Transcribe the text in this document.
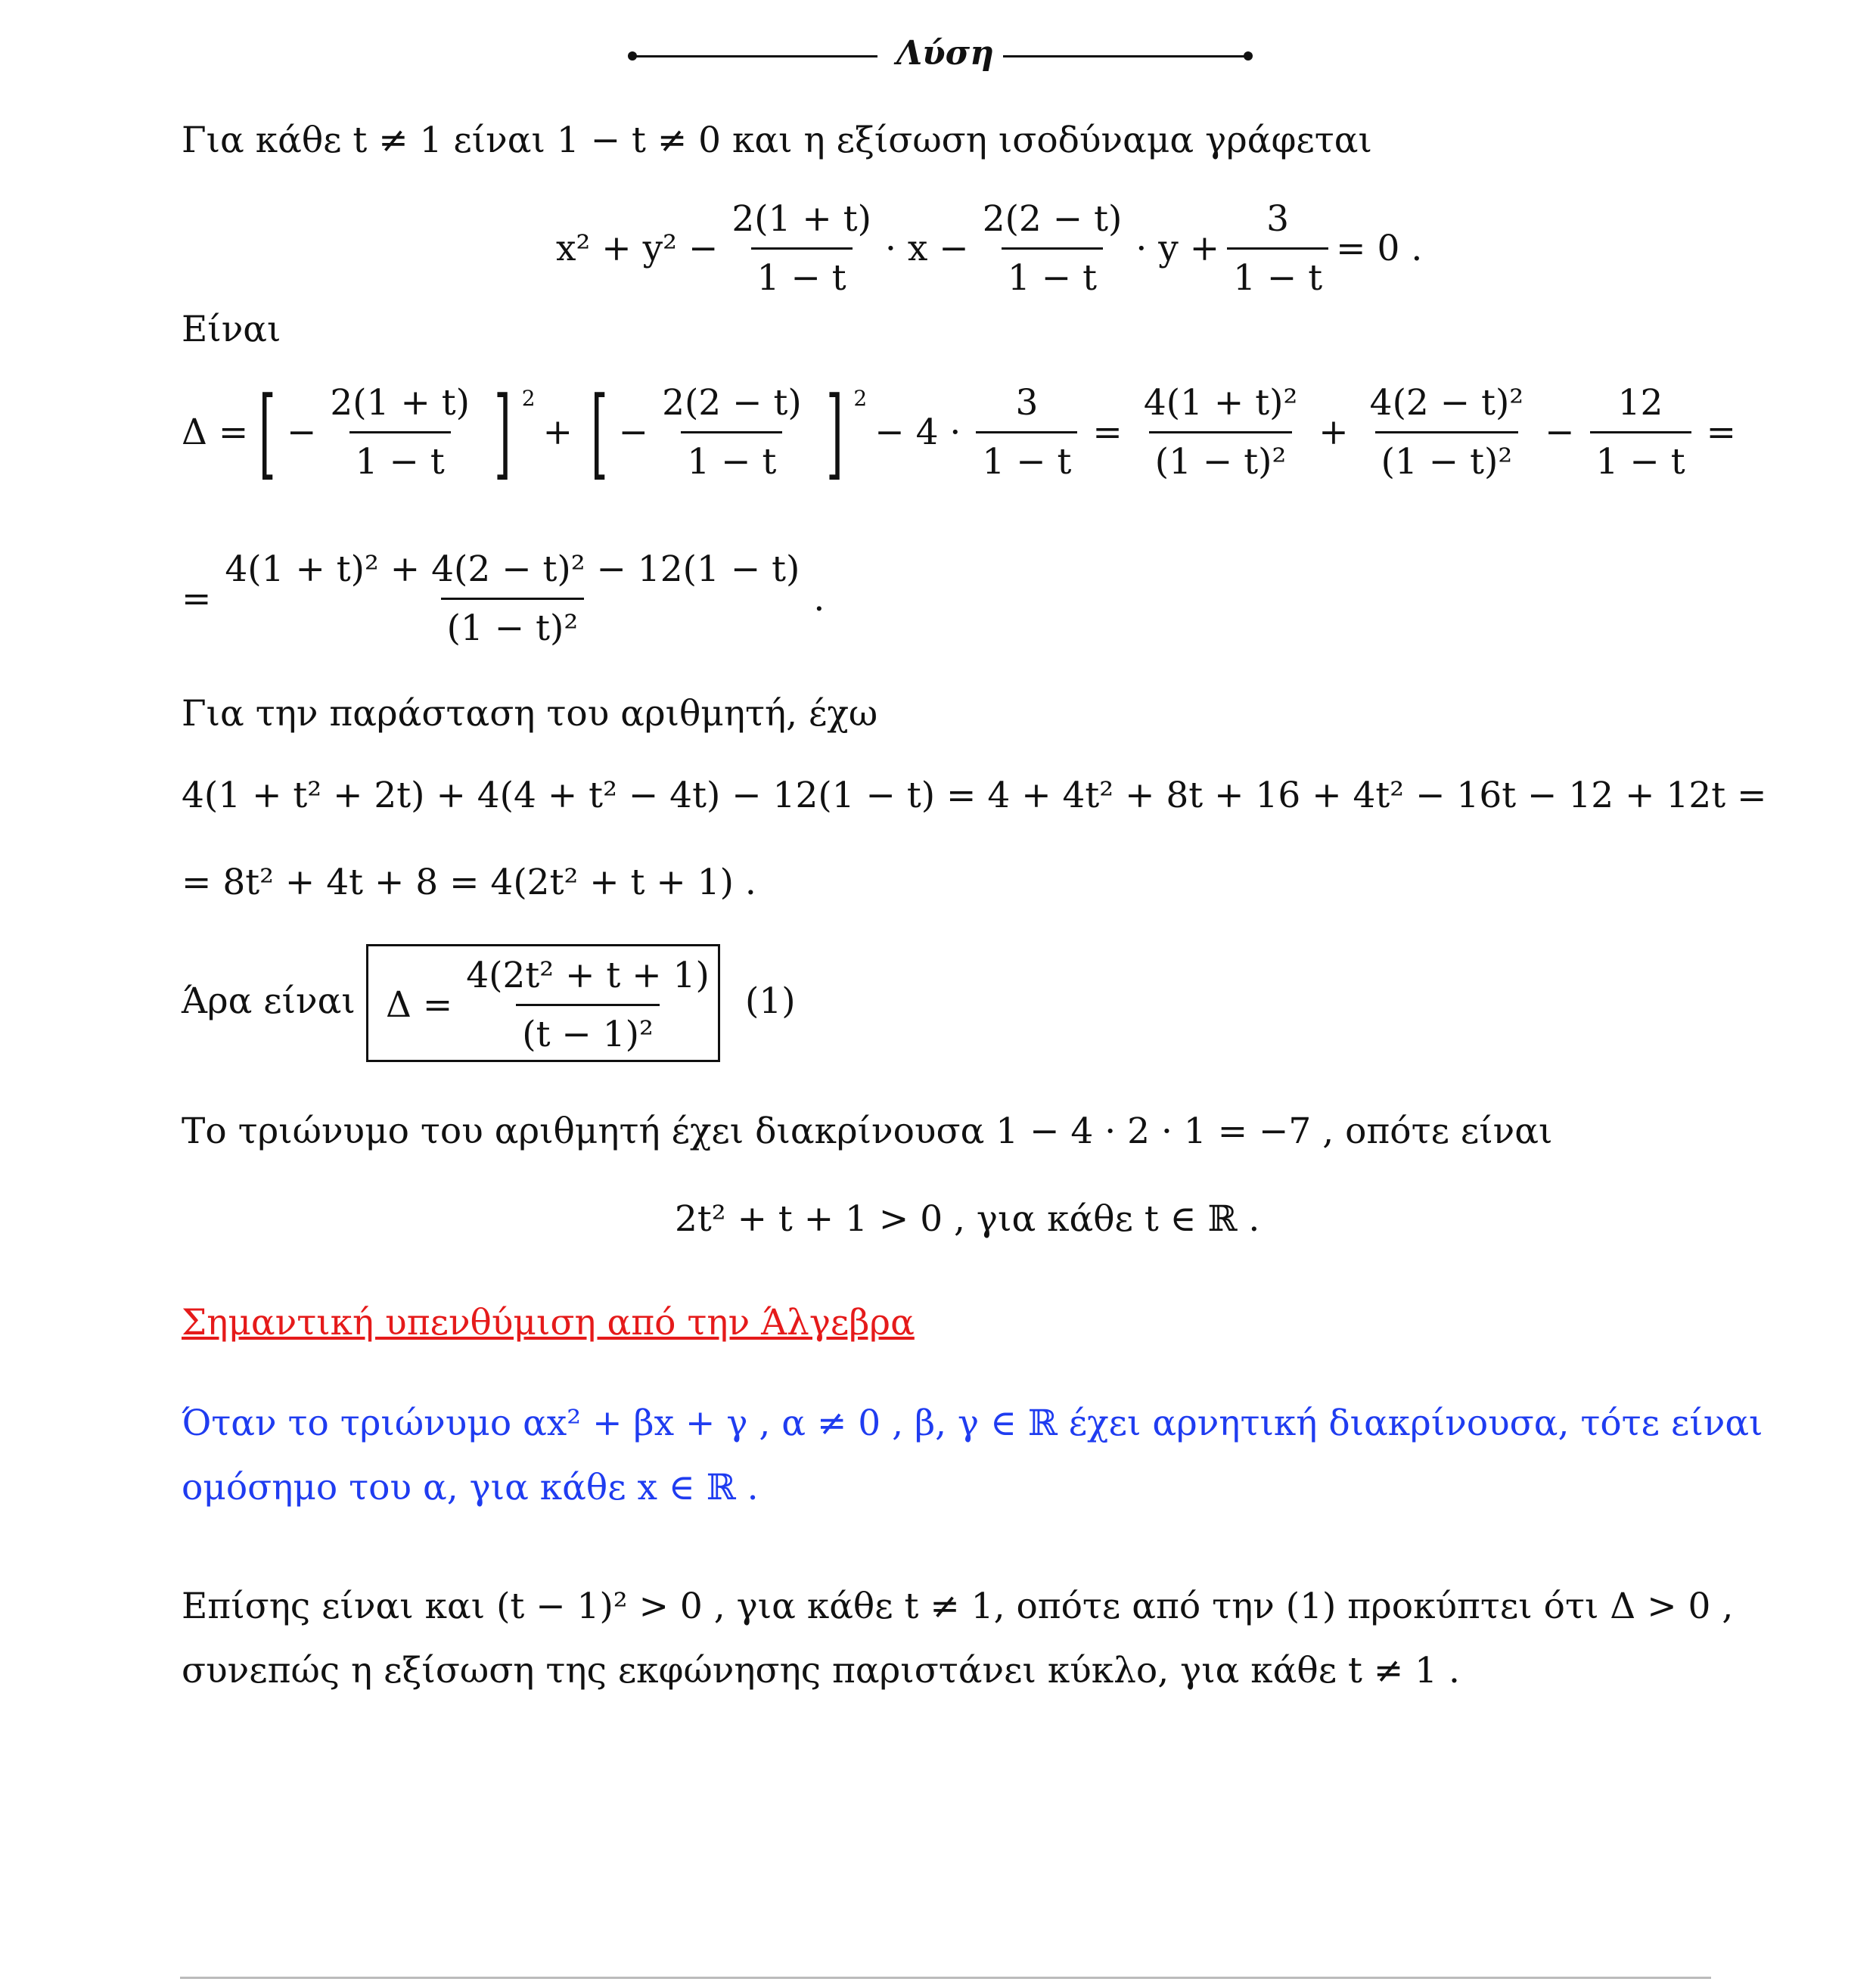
Λύση
Για κάθε t ≠ 1 είναι 1 − t ≠ 0 και η εξίσωση ισοδύναμα γράφεται
$x^2 + y^2 - \frac{2(1 + t)}{1 - t} \cdot x - \frac{2(2 - t)}{1 - t} \cdot y + \frac{3}{1 - t} = 0$ .
Είναι
Δ = [ − $\frac{2(1 + t)}{1 - t}$ ] $^2$
+ [ − $\frac{2(2 - t)}{1 - t}$ ] $^2$
− $4 \cdot \frac{3}{1 - t} = \frac{\text{4(1 + t)²}}{\text{(1 − t)²}} + \frac{\text{4(2 − t)²}}{\text{(1 − t)²}} - \frac{12}{1 - t}$ =
= $\frac{\text{4(1 + t)² + 4(2 − t)² − 12(1 − t)}}{\text{(1 − t)²}}$ .
Για την παράσταση του αριθμητή, έχω
4(1 + t² + 2t) + 4(4 + t² − 4t) − 12(1 − t) = 4 + 4t² + 8t + 16 + 4t² − 16t − 12 + 12t =
= 8t² + 4t + 8 = 4(2t² + t + 1) .
Άρα είναι $\Delta = \frac{\text{4(2t² + t + 1)}}{\text{(t − 1)²}} (1)$
Το τριώνυμο του αριθμητή έχει διακρίνουσα 1 − 4 · 2 · 1 = −7 , οπότε είναι
2t² + t + 1 > 0 , για κάθε t ∈ ℝ .
Σημαντική υπενθύμιση από την Άλγεβρα
Όταν το τριώνυμο αx² + βx + γ , α ≠ 0 , β, γ ∈ ℝ έχει αρνητική διακρίνουσα, τότε είναι
ομόσημο του α, για κάθε x ∈ ℝ .
Επίσης είναι και (t − 1)² > 0 , για κάθε t ≠ 1, οπότε από την (1) προκύπτει ότι Δ > 0 ,
συνεπώς η εξίσωση της εκφώνησης παριστάνει κύκλο, για κάθε t ≠ 1 .
